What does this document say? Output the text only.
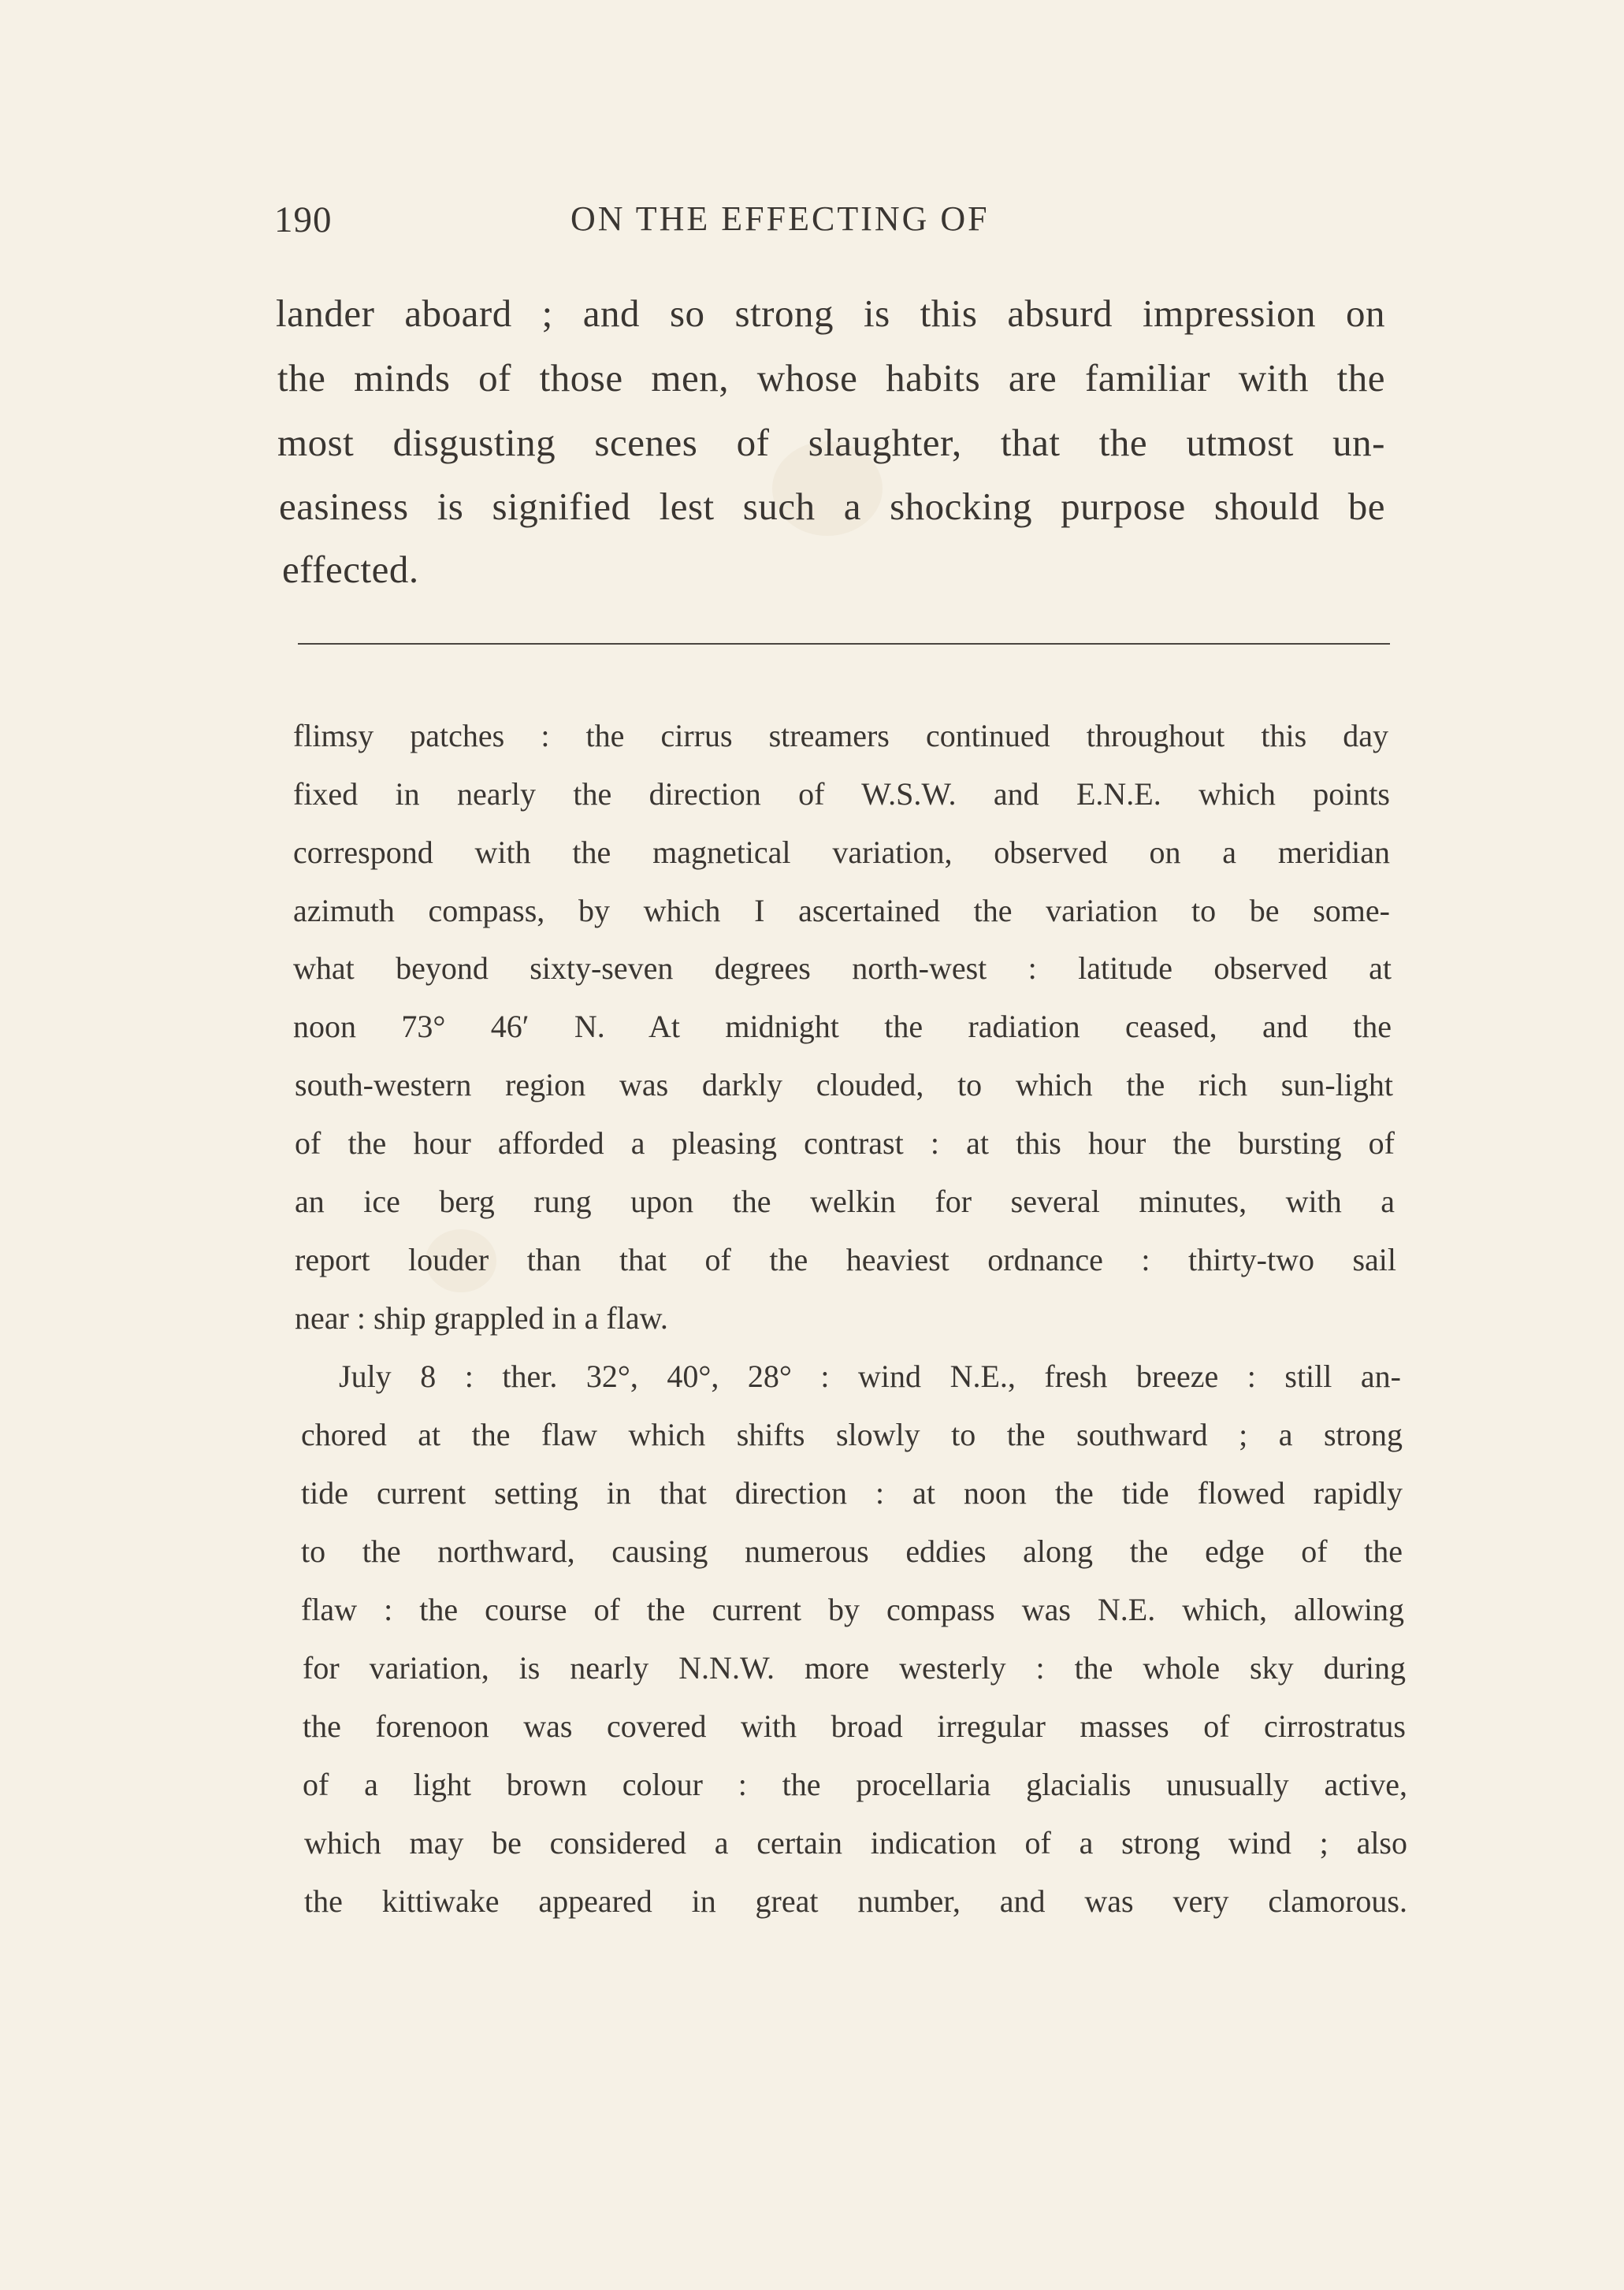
190	ON THE EFFECTING OF
lander aboard ; and so strong is this absurd impression on
the minds of those men, whose habits are familiar with the
most disgusting scenes of slaughter, that the utmost un-
easiness is signified lest such a shocking purpose should be
effected.
flimsy patches : the cirrus streamers continued throughout this day
fixed in nearly the direction of W.S.W. and E.N.E. which points
correspond with the magnetical variation, observed on a meridian
azimuth compass, by which I ascertained the variation to be some-
what beyond sixty-seven degrees north-west : latitude observed at
noon 73° 46′ N. At midnight the radiation ceased, and the
south-western region was darkly clouded, to which the rich sun-light
of the hour afforded a pleasing contrast : at this hour the bursting of
an ice berg rung upon the welkin for several minutes, with a
report louder than that of the heaviest ordnance : thirty-two sail
near : ship grappled in a flaw.
July 8 : ther. 32°, 40°, 28° : wind N.E., fresh breeze : still an-
chored at the flaw which shifts slowly to the southward ; a strong
tide current setting in that direction : at noon the tide flowed rapidly
to the northward, causing numerous eddies along the edge of the
flaw : the course of the current by compass was N.E. which, allowing
for variation, is nearly N.N.W. more westerly : the whole sky during
the forenoon was covered with broad irregular masses of cirrostratus
of a light brown colour : the procellaria glacialis unusually active,
which may be considered a certain indication of a strong wind ; also
the kittiwake appeared in great number, and was very clamorous.
